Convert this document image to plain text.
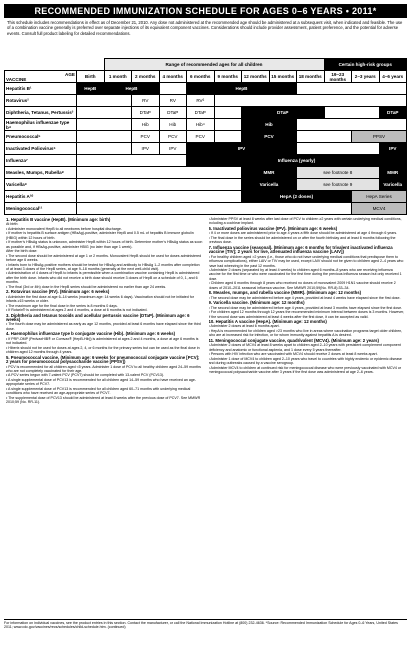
RECOMMENDED IMMUNIZATION SCHEDULE FOR AGES 0–6 YEARS • 2011*
This schedule includes recommendations in effect as of December 21, 2010. Any dose not administered at the recommended age should be administered at a subsequent visit, when indicated and feasible. The use of a combination vaccine generally is preferred over separate injections of its equivalent component vaccines. Considerations should include provider assessment, patient preference, and the potential for adverse events. Consult full product labeling for detailed recommendations.
		Range of recommended ages for all children								Certain high-risk groups		

AGE
VACCINE	Birth	1 month	2 months	4 months	6 months	9 months	12 months	15 months	18 months	19–23 months	2–3 years	4–6 years
Hepatitis B¹	HepB	HepB			HepB							
Rotavirus²			RV	RV	RV²							
Diphtheria, Tetanus, Pertussis³			DTaP	DTaP	DTaP		DTaP					DTaP
Haemophilus influenzae type b⁴			Hib	Hib	Hib⁴		Hib					
Pneumococcal⁵			PCV	PCV	PCV		PCV				PPSV	
Inactivated Poliovirus⁶			IPV	IPV	IPV							IPV
Influenza⁷					Influenza (yearly)							
Measles, Mumps, Rubella⁸							MMR		see footnote 8			MMR
Varicella⁹							Varicella		see footnote 9			Varicella
Hepatitis A¹⁰							HepA (2 doses)				HepA Series	
Meningococcal¹¹											MCV4	
1. Hepatitis B vaccine (HepB). (Minimum age: birth)
At birth:
• Administer monovalent HepB to all newborns before hospital discharge.
• If mother is hepatitis B surface antigen (HBsAg)-positive, administer HepB and 0.5 mL of hepatitis B immune globulin (HBIG) within 12 hours of birth.
• If mother’s HBsAg status is unknown, administer HepB within 12 hours of birth. Determine mother’s HBsAg status as soon as possible and, if HBsAg-positive, administer HBIG (no later than age 1 week).
After the birth dose:
• The second dose should be administered at age 1 or 2 months. Monovalent HepB should be used for doses administered before age 6 weeks.
• Infants born to HBsAg-positive mothers should be tested for HBsAg and antibody to HBsAg 1–2 months after completion of at least 3 doses of the HepB series, at age 9–18 months (generally at the next well-child visit).
• Administration of 4 doses of HepB to infants is permissible when a combination vaccine containing HepB is administered after the birth dose. Infants who did not receive a birth dose should receive 3 doses of HepB on a schedule of 0, 1, and 6 months.
• The final (3rd or 4th) dose in the HepB series should be administered no earlier than age 24 weeks.
2. Rotavirus vaccine (RV). (Minimum age: 6 weeks)
• Administer the first dose at age 6–14 weeks (maximum age: 14 weeks 6 days). Vaccination should not be initiated for infants ≥15 weeks or older.
• The maximum age for the final dose in the series is 8 months 0 days.
• If Rotarix® is administered at ages 2 and 4 months, a dose at 6 months is not indicated.
3. Diphtheria and tetanus toxoids and acellular pertussis vaccine (DTaP). (Minimum age: 6 weeks)
• The fourth dose may be administered as early as age 12 months, provided at least 6 months have elapsed since the third dose.
4. Haemophilus influenzae type b conjugate vaccine (Hib). (Minimum age: 6 weeks)
• If PRP-OMP (PedvaxHIB® or Comvax® [HepB-Hib]) is administered at ages 2 and 4 months, a dose at age 6 months is not indicated.
• Hiberix should not be used for doses at ages 2, 4, or 6 months for the primary series but can be used as the final dose in children aged 12 months through 4 years.
5. Pneumococcal vaccine. (Minimum age: 6 weeks for pneumococcal conjugate vaccine [PCV]; 2 years for pneumococcal polysaccharide vaccine [PPSV])
• PCV is recommended for all children aged <5 years. Administer 1 dose of PCV to all healthy children aged 24–59 months who are not completely vaccinated for their age.
• A PCV series begun with 7-valent PCV (PCV7) should be completed with 13-valent PCV (PCV13).
• A single supplemental dose of PCV13 is recommended for all children aged 14–59 months who have received an age-appropriate series of PCV7.
• A single supplemental dose of PCV13 is recommended for all children aged 60–71 months with underlying medical conditions who have received an age-appropriate series of PCV7.
• The supplemental dose of PCV13 should be administered at least 8 weeks after the previous dose of PCV7. See MMWR 2010;59 (No. RR-11).
• Administer PPSV at least 8 weeks after last dose of PCV to children ≥2 years with certain underlying medical conditions, including a cochlear implant.
6. Inactivated poliovirus vaccine (IPV). (Minimum age: 6 weeks)
• If 4 or more doses are administered prior to age 4 years a fifth dose should be administered at age 4 through 6 years.
• The final dose in the series should be administered on or after the fourth birthday and at least 6 months following the previous dose.
7. Influenza vaccine (seasonal). (Minimum age: 6 months for trivalent inactivated influenza vaccine [TIV]; 2 years for live, attenuated influenza vaccine [LAIV])
• For healthy children aged >2 years (i.e., those who do not have underlying medical conditions that predispose them to influenza complications), either LAIV or TIV may be used, except LAIV should not be given to children aged 2–4 years who have had wheezing in the past 12 months.
• Administer 2 doses (separated by at least 4 weeks) to children aged 6 months–8 years who are receiving influenza vaccine for the first time or who were vaccinated for the first time during the previous influenza season but only received 1 dose.
• Children aged 6 months through 8 years who received no doses of monovalent 2009 H1N1 vaccine should receive 2 doses of 2010–2011 seasonal influenza vaccine. See MMWR 2010;59(No. RR-8):33–34.
8. Measles, mumps, and rubella vaccine (MMR). (Minimum age: 12 months)
• The second dose may be administered before age 4 years, provided at least 4 weeks have elapsed since the first dose.
9. Varicella vaccine. (Minimum age: 12 months)
• The second dose may be administered before age 4 years, provided at least 3 months have elapsed since the first dose.
• For children aged 12 months through 12 years the recommended minimum interval between doses is 3 months. However, if the second dose was administered at least 4 weeks after the first dose, it can be accepted as valid.
10. Hepatitis A vaccine (HepA). (Minimum age: 12 months)
• Administer 2 doses at least 6 months apart.
• HepA is recommended for children aged >23 months who live in areas where vaccination programs target older children, who are at increased risk for infection, or for whom immunity against hepatitis A is desired.
11. Meningococcal conjugate vaccine, quadrivalent (MCV4). (Minimum age: 2 years)
• Administer 2 doses of MCV4 at least 8 weeks apart to children aged 2–10 years with persistent complement component deficiency and anatomic or functional asplenia, and 1 dose every 5 years thereafter.
• Persons with HIV infection who are vaccinated with MCV4 should receive 2 doses at least 8 weeks apart.
• Administer 1 dose of MCV4 to children aged 2–10 years who travel to countries with highly endemic or epidemic disease and during outbreaks caused by a vaccine serogroup.
• Administer MCV4 to children at continued risk for meningococcal disease who were previously vaccinated with MCV4 or meningococcal polysaccharide vaccine after 3 years if the first dose was administered at age 2–6 years.
For information on individual vaccines, see the product entries in this section. Contact the manufacturer, or call the National Immunization Hotline at (800) 232-4636. *Source: Recommended Immunization Schedule for Ages 0–6 Years, United States 2011; www.cdc.gov/vaccines/recs/schedules/child-schedule.htm. (continued)
